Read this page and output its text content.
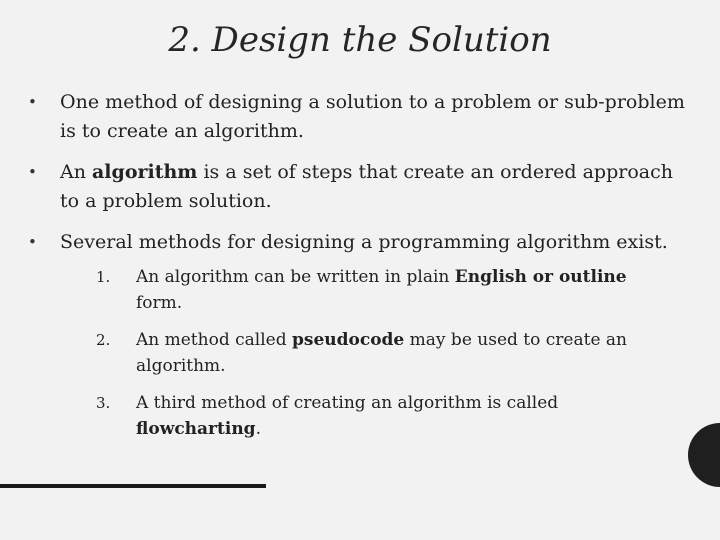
2. Design the Solution
• One method of designing a solution to a problem or sub-problem is to create an algorithm.
• An algorithm is a set of steps that create an ordered approach to a problem solution.
• Several methods for designing a programming algorithm exist.
1. An algorithm can be written in plain English or outline form.
2. An method called pseudocode may be used to create an algorithm.
3. A third method of creating an algorithm is called flowcharting.
